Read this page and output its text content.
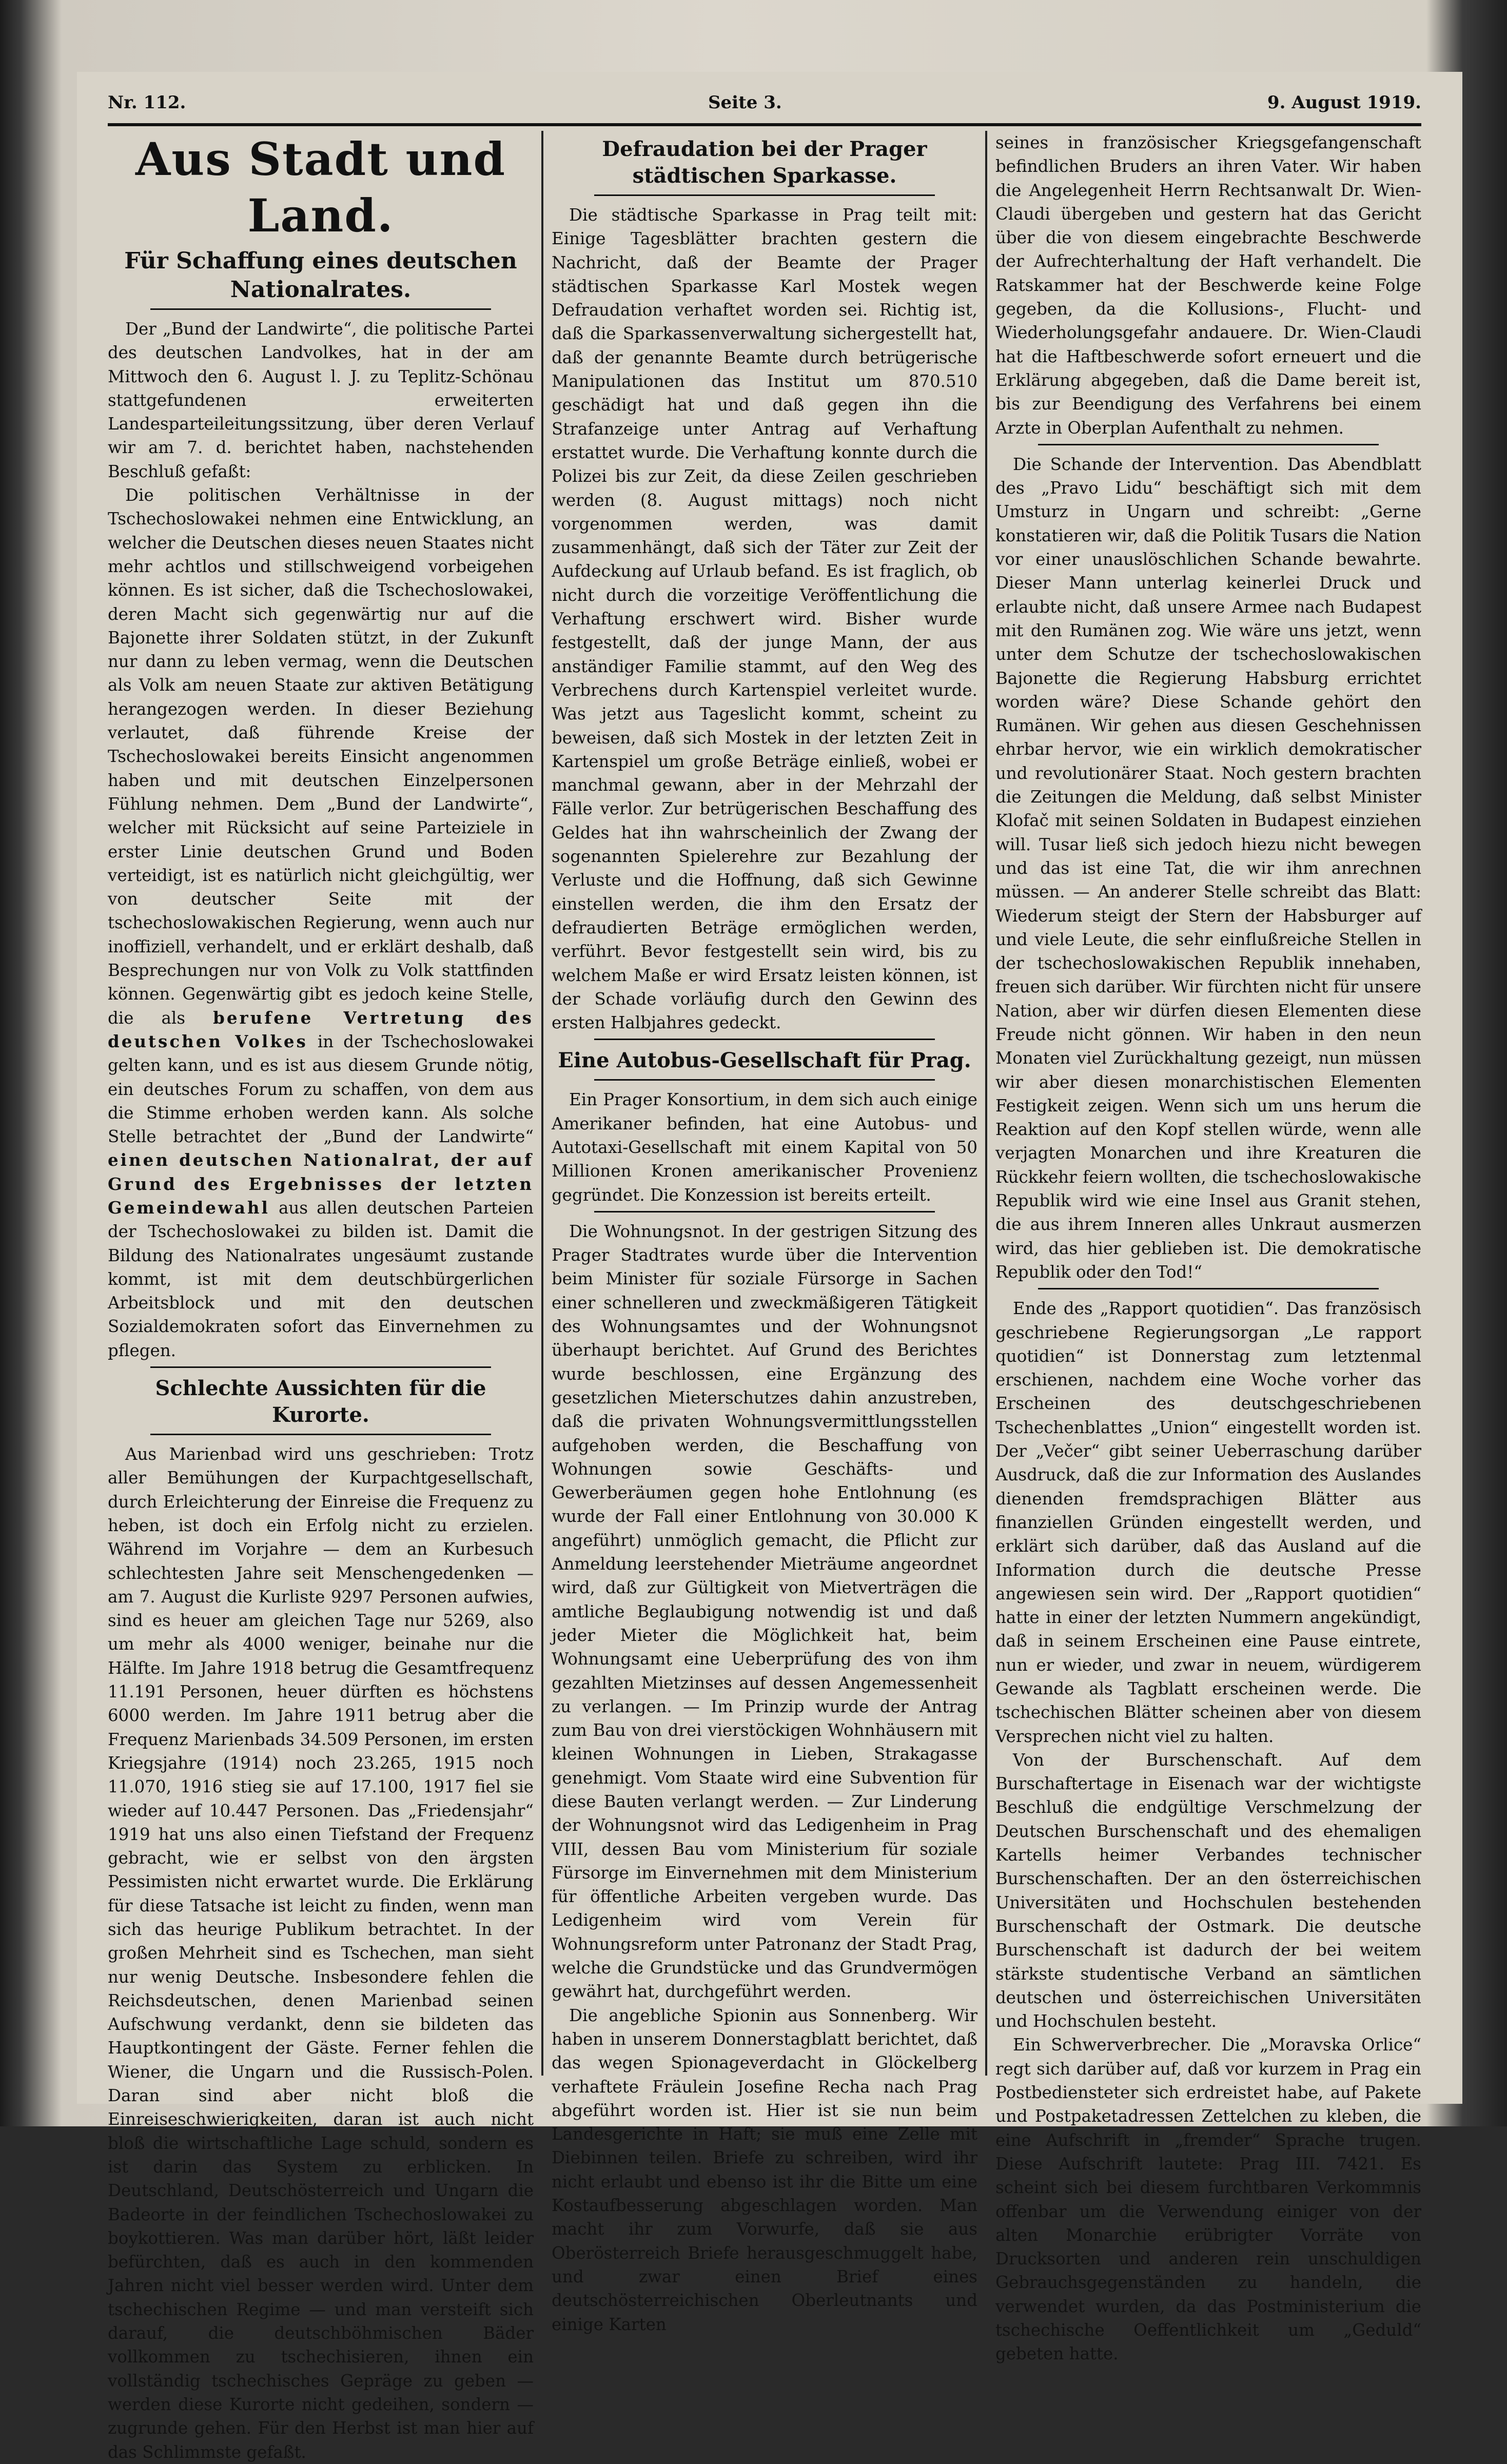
Nr. 112.	Seite 3.	9. August 1919.
Aus Stadt und Land.
Für Schaffung eines deutschen Nationalrates.

Der „Bund der Landwirte“, die politische Partei des deutschen Landvolkes, hat in der am Mittwoch den 6. August l. J. zu Teplitz-Schönau stattgefundenen erweiterten Landesparteileitungssitzung, über deren Verlauf wir am 7. d. berichtet haben, nachstehenden Beschluß gefaßt:

Die politischen Verhältnisse in der Tschechoslowakei nehmen eine Entwicklung, an welcher die Deutschen dieses neuen Staates nicht mehr achtlos und stillschweigend vorbeigehen können. Es ist sicher, daß die Tschechoslowakei, deren Macht sich gegenwärtig nur auf die Bajonette ihrer Soldaten stützt, in der Zukunft nur dann zu leben vermag, wenn die Deutschen als Volk am neuen Staate zur aktiven Betätigung herangezogen werden. In dieser Beziehung verlautet, daß führende Kreise der Tschechoslowakei bereits Einsicht angenommen haben und mit deutschen Einzelpersonen Fühlung nehmen. Dem „Bund der Landwirte“, welcher mit Rücksicht auf seine Parteiziele in erster Linie deutschen Grund und Boden verteidigt, ist es natürlich nicht gleichgültig, wer von deutscher Seite mit der tschechoslowakischen Regierung, wenn auch nur inoffiziell, verhandelt, und er erklärt deshalb, daß Besprechungen nur von Volk zu Volk stattfinden können. Gegenwärtig gibt es jedoch keine Stelle, die als berufene Vertretung des deutschen Volkes in der Tschechoslowakei gelten kann, und es ist aus diesem Grunde nötig, ein deutsches Forum zu schaffen, von dem aus die Stimme erhoben werden kann. Als solche Stelle betrachtet der „Bund der Landwirte“ einen deutschen Nationalrat, der auf Grund des Ergebnisses der letzten Gemeindewahl aus allen deutschen Parteien der Tschechoslowakei zu bilden ist. Damit die Bildung des Nationalrates ungesäumt zustande kommt, ist mit dem deutschbürgerlichen Arbeitsblock und mit den deutschen Sozialdemokraten sofort das Einvernehmen zu pflegen.

Schlechte Aussichten für die Kurorte.

Aus Marienbad wird uns geschrieben: Trotz aller Bemühungen der Kurpachtgesellschaft, durch Erleichterung der Einreise die Frequenz zu heben, ist doch ein Erfolg nicht zu erzielen. Während im Vorjahre — dem an Kurbesuch schlechtesten Jahre seit Menschengedenken — am 7. August die Kurliste 9297 Personen aufwies, sind es heuer am gleichen Tage nur 5269, also um mehr als 4000 weniger, beinahe nur die Hälfte. Im Jahre 1918 betrug die Gesamtfrequenz 11.191 Personen, heuer dürften es höchstens 6000 werden. Im Jahre 1911 betrug aber die Frequenz Marienbads 34.509 Personen, im ersten Kriegsjahre (1914) noch 23.265, 1915 noch 11.070, 1916 stieg sie auf 17.100, 1917 fiel sie wieder auf 10.447 Personen. Das „Friedensjahr“ 1919 hat uns also einen Tiefstand der Frequenz gebracht, wie er selbst von den ärgsten Pessimisten nicht erwartet wurde. Die Erklärung für diese Tatsache ist leicht zu finden, wenn man sich das heurige Publikum betrachtet. In der großen Mehrheit sind es Tschechen, man sieht nur wenig Deutsche. Insbesondere fehlen die Reichsdeutschen, denen Marienbad seinen Aufschwung verdankt, denn sie bildeten das Hauptkontingent der Gäste. Ferner fehlen die Wiener, die Ungarn und die Russisch-Polen. Daran sind aber nicht bloß die Einreiseschwierigkeiten, daran ist auch nicht bloß die wirtschaftliche Lage schuld, sondern es ist darin das System zu erblicken. In Deutschland, Deutschösterreich und Ungarn die Badeorte in der feindlichen Tschechoslowakei zu boykottieren. Was man darüber hört, läßt leider befürchten, daß es auch in den kommenden Jahren nicht viel besser werden wird. Unter dem tschechischen Regime — und man versteift sich darauf, die deutschböhmischen Bäder vollkommen zu tschechisieren, ihnen ein vollständig tschechisches Gepräge zu geben — werden diese Kurorte nicht gedeihen, sondern — zugrunde gehen. Für den Herbst ist man hier auf das Schlimmste gefaßt.

Defraudation bei der Prager städtischen Sparkasse.

Die städtische Sparkasse in Prag teilt mit: Einige Tagesblätter brachten gestern die Nachricht, daß der Beamte der Prager städtischen Sparkasse Karl Mostek wegen Defraudation verhaftet worden sei. Richtig ist, daß die Sparkassenverwaltung sichergestellt hat, daß der genannte Beamte durch betrügerische Manipulationen das Institut um 870.510 geschädigt hat und daß gegen ihn die Strafanzeige unter Antrag auf Verhaftung erstattet wurde. Die Verhaftung konnte durch die Polizei bis zur Zeit, da diese Zeilen geschrieben werden (8. August mittags) noch nicht vorgenommen werden, was damit zusammenhängt, daß sich der Täter zur Zeit der Aufdeckung auf Urlaub befand. Es ist fraglich, ob nicht durch die vorzeitige Veröffentlichung die Verhaftung erschwert wird. Bisher wurde festgestellt, daß der junge Mann, der aus anständiger Familie stammt, auf den Weg des Verbrechens durch Kartenspiel verleitet wurde. Was jetzt aus Tageslicht kommt, scheint zu beweisen, daß sich Mostek in der letzten Zeit in Kartenspiel um große Beträge einließ, wobei er manchmal gewann, aber in der Mehrzahl der Fälle verlor. Zur betrügerischen Beschaffung des Geldes hat ihn wahrscheinlich der Zwang der sogenannten Spielerehre zur Bezahlung der Verluste und die Hoffnung, daß sich Gewinne einstellen werden, die ihm den Ersatz der defraudierten Beträge ermöglichen werden, verführt. Bevor festgestellt sein wird, bis zu welchem Maße er wird Ersatz leisten können, ist der Schade vorläufig durch den Gewinn des ersten Halbjahres gedeckt.

Eine Autobus-Gesellschaft für Prag.

Ein Prager Konsortium, in dem sich auch einige Amerikaner befinden, hat eine Autobus- und Autotaxi-Gesellschaft mit einem Kapital von 50 Millionen Kronen amerikanischer Provenienz gegründet. Die Konzession ist bereits erteilt.

Die Wohnungsnot. In der gestrigen Sitzung des Prager Stadtrates wurde über die Intervention beim Minister für soziale Fürsorge in Sachen einer schnelleren und zweckmäßigeren Tätigkeit des Wohnungsamtes und der Wohnungsnot überhaupt berichtet. Auf Grund des Berichtes wurde beschlossen, eine Ergänzung des gesetzlichen Mieterschutzes dahin anzustreben, daß die privaten Wohnungsvermittlungsstellen aufgehoben werden, die Beschaffung von Wohnungen sowie Geschäfts- und Gewerberäumen gegen hohe Entlohnung (es wurde der Fall einer Entlohnung von 30.000 K angeführt) unmöglich gemacht, die Pflicht zur Anmeldung leerstehender Mieträume angeordnet wird, daß zur Gültigkeit von Mietverträgen die amtliche Beglaubigung notwendig ist und daß jeder Mieter die Möglichkeit hat, beim Wohnungsamt eine Ueberprüfung des von ihm gezahlten Mietzinses auf dessen Angemessenheit zu verlangen. — Im Prinzip wurde der Antrag zum Bau von drei vierstöckigen Wohnhäusern mit kleinen Wohnungen in Lieben, Strakagasse genehmigt. Vom Staate wird eine Subvention für diese Bauten verlangt werden. — Zur Linderung der Wohnungsnot wird das Ledigenheim in Prag VIII, dessen Bau vom Ministerium für soziale Fürsorge im Einvernehmen mit dem Ministerium für öffentliche Arbeiten vergeben wurde. Das Ledigenheim wird vom Verein für Wohnungsreform unter Patronanz der Stadt Prag, welche die Grundstücke und das Grundvermögen gewährt hat, durchgeführt werden.

Die angebliche Spionin aus Sonnenberg. Wir haben in unserem Donnerstagblatt berichtet, daß das wegen Spionageverdacht in Glöckelberg verhaftete Fräulein Josefine Recha nach Prag abgeführt worden ist. Hier ist sie nun beim Landesgerichte in Haft; sie muß eine Zelle mit Diebinnen teilen. Briefe zu schreiben, wird ihr nicht erlaubt und ebenso ist ihr die Bitte um eine Kostaufbesserung abgeschlagen worden. Man macht ihr zum Vorwurfe, daß sie aus Oberösterreich Briefe herausgeschmuggelt habe, und zwar einen Brief eines deutschösterreichischen Oberleutnants und einige Karten

seines in französischer Kriegsgefangenschaft befindlichen Bruders an ihren Vater. Wir haben die Angelegenheit Herrn Rechtsanwalt Dr. Wien-Claudi übergeben und gestern hat das Gericht über die von diesem eingebrachte Beschwerde der Aufrechterhaltung der Haft verhandelt. Die Ratskammer hat der Beschwerde keine Folge gegeben, da die Kollusions-, Flucht- und Wiederholungsgefahr andauere. Dr. Wien-Claudi hat die Haftbeschwerde sofort erneuert und die Erklärung abgegeben, daß die Dame bereit ist, bis zur Beendigung des Verfahrens bei einem Arzte in Oberplan Aufenthalt zu nehmen.

Die Schande der Intervention. Das Abendblatt des „Pravo Lidu“ beschäftigt sich mit dem Umsturz in Ungarn und schreibt: „Gerne konstatieren wir, daß die Politik Tusars die Nation vor einer unauslöschlichen Schande bewahrte. Dieser Mann unterlag keinerlei Druck und erlaubte nicht, daß unsere Armee nach Budapest mit den Rumänen zog. Wie wäre uns jetzt, wenn unter dem Schutze der tschechoslowakischen Bajonette die Regierung Habsburg errichtet worden wäre? Diese Schande gehört den Rumänen. Wir gehen aus diesen Geschehnissen ehrbar hervor, wie ein wirklich demokratischer und revolutionärer Staat. Noch gestern brachten die Zeitungen die Meldung, daß selbst Minister Klofač mit seinen Soldaten in Budapest einziehen will. Tusar ließ sich jedoch hiezu nicht bewegen und das ist eine Tat, die wir ihm anrechnen müssen. — An anderer Stelle schreibt das Blatt: Wiederum steigt der Stern der Habsburger auf und viele Leute, die sehr einflußreiche Stellen in der tschechoslowakischen Republik innehaben, freuen sich darüber. Wir fürchten nicht für unsere Nation, aber wir dürfen diesen Elementen diese Freude nicht gönnen. Wir haben in den neun Monaten viel Zurückhaltung gezeigt, nun müssen wir aber diesen monarchistischen Elementen Festigkeit zeigen. Wenn sich um uns herum die Reaktion auf den Kopf stellen würde, wenn alle verjagten Monarchen und ihre Kreaturen die Rückkehr feiern wollten, die tschechoslowakische Republik wird wie eine Insel aus Granit stehen, die aus ihrem Inneren alles Unkraut ausmerzen wird, das hier geblieben ist. Die demokratische Republik oder den Tod!“

Ende des „Rapport quotidien“. Das französisch geschriebene Regierungsorgan „Le rapport quotidien“ ist Donnerstag zum letztenmal erschienen, nachdem eine Woche vorher das Erscheinen des deutschgeschriebenen Tschechenblattes „Union“ eingestellt worden ist. Der „Večer“ gibt seiner Ueberraschung darüber Ausdruck, daß die zur Information des Auslandes dienenden fremdsprachigen Blätter aus finanziellen Gründen eingestellt werden, und erklärt sich darüber, daß das Ausland auf die Information durch die deutsche Presse angewiesen sein wird. Der „Rapport quotidien“ hatte in einer der letzten Nummern angekündigt, daß in seinem Erscheinen eine Pause eintrete, nun er wieder, und zwar in neuem, würdigerem Gewande als Tagblatt erscheinen werde. Die tschechischen Blätter scheinen aber von diesem Versprechen nicht viel zu halten.

Von der Burschenschaft. Auf dem Burschaftertage in Eisenach war der wichtigste Beschluß die endgültige Verschmelzung der Deutschen Burschenschaft und des ehemaligen Kartells heimer Verbandes technischer Burschenschaften. Der an den österreichischen Universitäten und Hochschulen bestehenden Burschenschaft der Ostmark. Die deutsche Burschenschaft ist dadurch der bei weitem stärkste studentische Verband an sämtlichen deutschen und österreichischen Universitäten und Hochschulen besteht.

Ein Schwerverbrecher. Die „Moravska Orlice“ regt sich darüber auf, daß vor kurzem in Prag ein Postbediensteter sich erdreistet habe, auf Pakete und Postpaketadressen Zettelchen zu kleben, die eine Aufschrift in „fremder“ Sprache trugen. Diese Aufschrift lautete: Prag III. 7421. Es scheint sich bei diesem furchtbaren Verkommnis offenbar um die Verwendung einiger von der alten Monarchie erübrigter Vorräte von Drucksorten und anderen rein unschuldigen Gebrauchsgegenständen zu handeln, die verwendet wurden, da das Postministerium die tschechische Oeffentlichkeit um „Geduld“ gebeten hatte.
